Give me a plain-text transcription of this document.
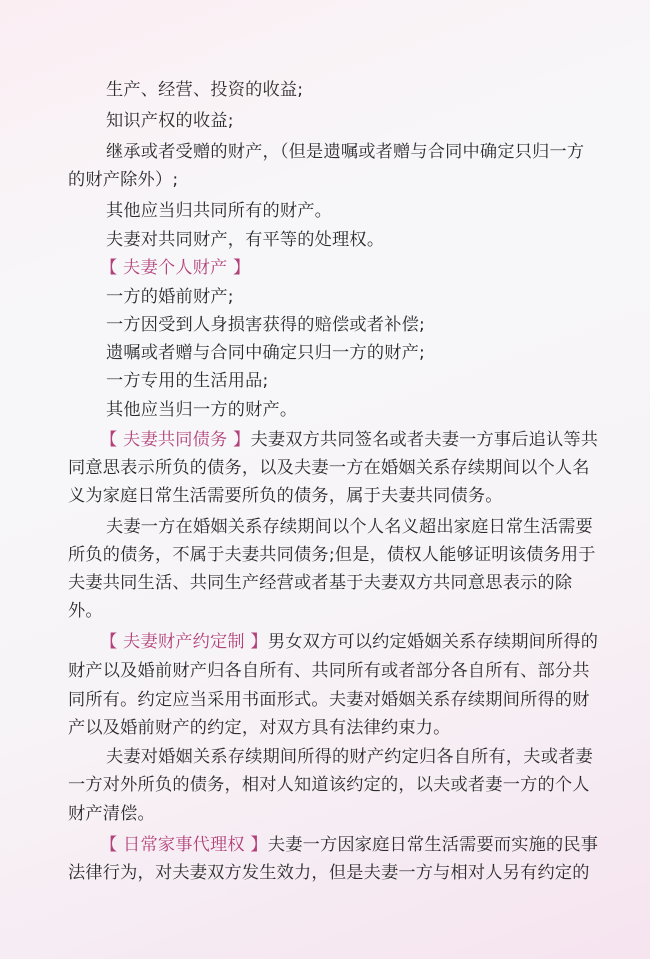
生产、经营、投资的收益;
知识产权的收益;
继承或者受赠的财产，（但是遗嘱或者赠与合同中确定只归一方
的财产除外）;
其他应当归共同所有的财产。
夫妻对共同财产，有平等的处理权。
【 夫妻个人财产 】
一方的婚前财产;
一方因受到人身损害获得的赔偿或者补偿;
遗嘱或者赠与合同中确定只归一方的财产;
一方专用的生活用品;
其他应当归一方的财产。
【 夫妻共同债务 】夫妻双方共同签名或者夫妻一方事后追认等共
同意思表示所负的债务，以及夫妻一方在婚姻关系存续期间以个人名
义为家庭日常生活需要所负的债务，属于夫妻共同债务。
夫妻一方在婚姻关系存续期间以个人名义超出家庭日常生活需要
所负的债务，不属于夫妻共同债务;但是，债权人能够证明该债务用于
夫妻共同生活、共同生产经营或者基于夫妻双方共同意思表示的除
外。
【 夫妻财产约定制 】男女双方可以约定婚姻关系存续期间所得的
财产以及婚前财产归各自所有、共同所有或者部分各自所有、部分共
同所有。约定应当采用书面形式。夫妻对婚姻关系存续期间所得的财
产以及婚前财产的约定，对双方具有法律约束力。
夫妻对婚姻关系存续期间所得的财产约定归各自所有，夫或者妻
一方对外所负的债务，相对人知道该约定的，以夫或者妻一方的个人
财产清偿。
【 日常家事代理权 】夫妻一方因家庭日常生活需要而实施的民事
法律行为，对夫妻双方发生效力，但是夫妻一方与相对人另有约定的
